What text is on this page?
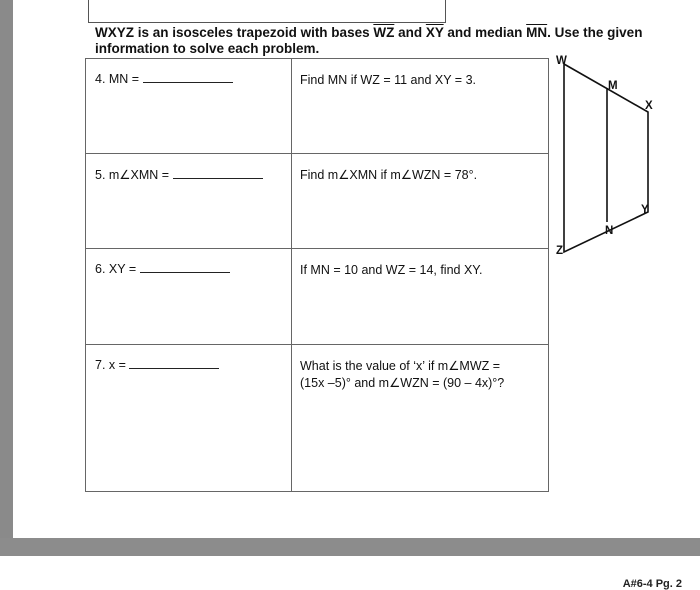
WXYZ is an isosceles trapezoid with bases $\overline{WZ}$ and $\overline{XY}$ and median $\overline{MN}$. Use the given
information to solve each problem.
4. MN =	Find MN if WZ = 11 and XY = 3.
5. m∠XMN =	Find m∠XMN if m∠WZN = 78°.
6. XY =	If MN = 10 and WZ = 14, find XY.
7. x =	What is the value of ‘x’ if m∠MWZ =
(15x –5)° and m∠WZN = (90 – 4x)°?
W
M
X
Y
N
Z
A#6-4 Pg. 2
